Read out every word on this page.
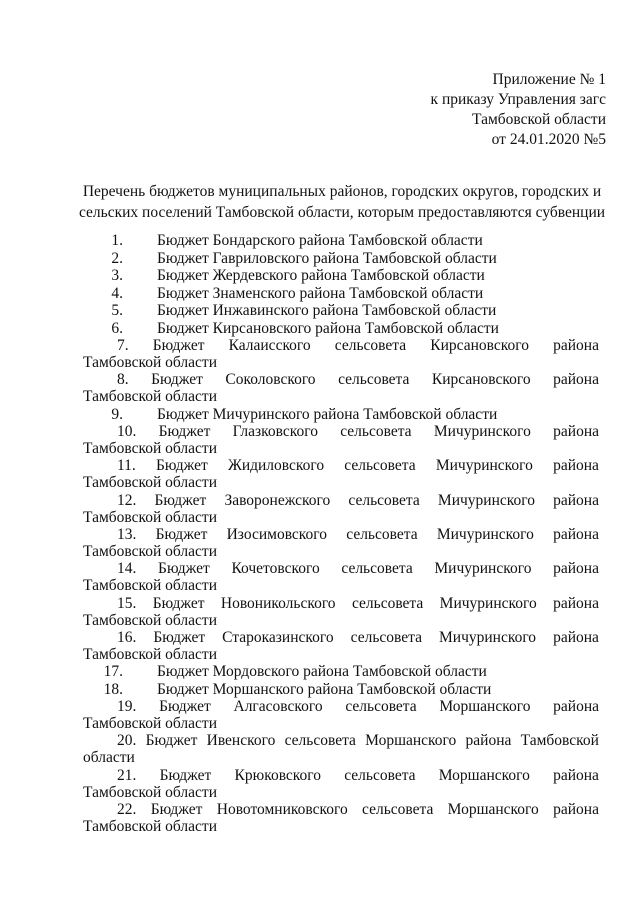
Приложение № 1
к приказу Управления загс
Тамбовской области
от 24.01.2020 №5
Перечень бюджетов муниципальных районов, городских округов, городских и
сельских поселений Тамбовской области, которым предоставляются субвенции
1. Бюджет Бондарского района Тамбовской области
2. Бюджет Гавриловского района Тамбовской области
3. Бюджет Жердевского района Тамбовской области
4. Бюджет Знаменского района Тамбовской области
5. Бюджет Инжавинского района Тамбовской области
6. Бюджет Кирсановского района Тамбовской области
7. Бюджет Калаисского сельсовета Кирсановского района
Тамбовской области
8. Бюджет Соколовского сельсовета Кирсановского района
Тамбовской области
9. Бюджет Мичуринского района Тамбовской области
10. Бюджет Глазковского сельсовета Мичуринского района
Тамбовской области
11. Бюджет Жидиловского сельсовета Мичуринского района
Тамбовской области
12. Бюджет Заворонежского сельсовета Мичуринского района
Тамбовской области
13. Бюджет Изосимовского сельсовета Мичуринского района
Тамбовской области
14. Бюджет Кочетовского сельсовета Мичуринского района
Тамбовской области
15. Бюджет Новоникольского сельсовета Мичуринского района
Тамбовской области
16. Бюджет Староказинского сельсовета Мичуринского района
Тамбовской области
17. Бюджет Мордовского района Тамбовской области
18. Бюджет Моршанского района Тамбовской области
19. Бюджет Алгасовского сельсовета Моршанского района
Тамбовской области
20. Бюджет Ивенского сельсовета Моршанского района Тамбовской
области
21. Бюджет Крюковского сельсовета Моршанского района
Тамбовской области
22. Бюджет Новотомниковского сельсовета Моршанского района
Тамбовской области
